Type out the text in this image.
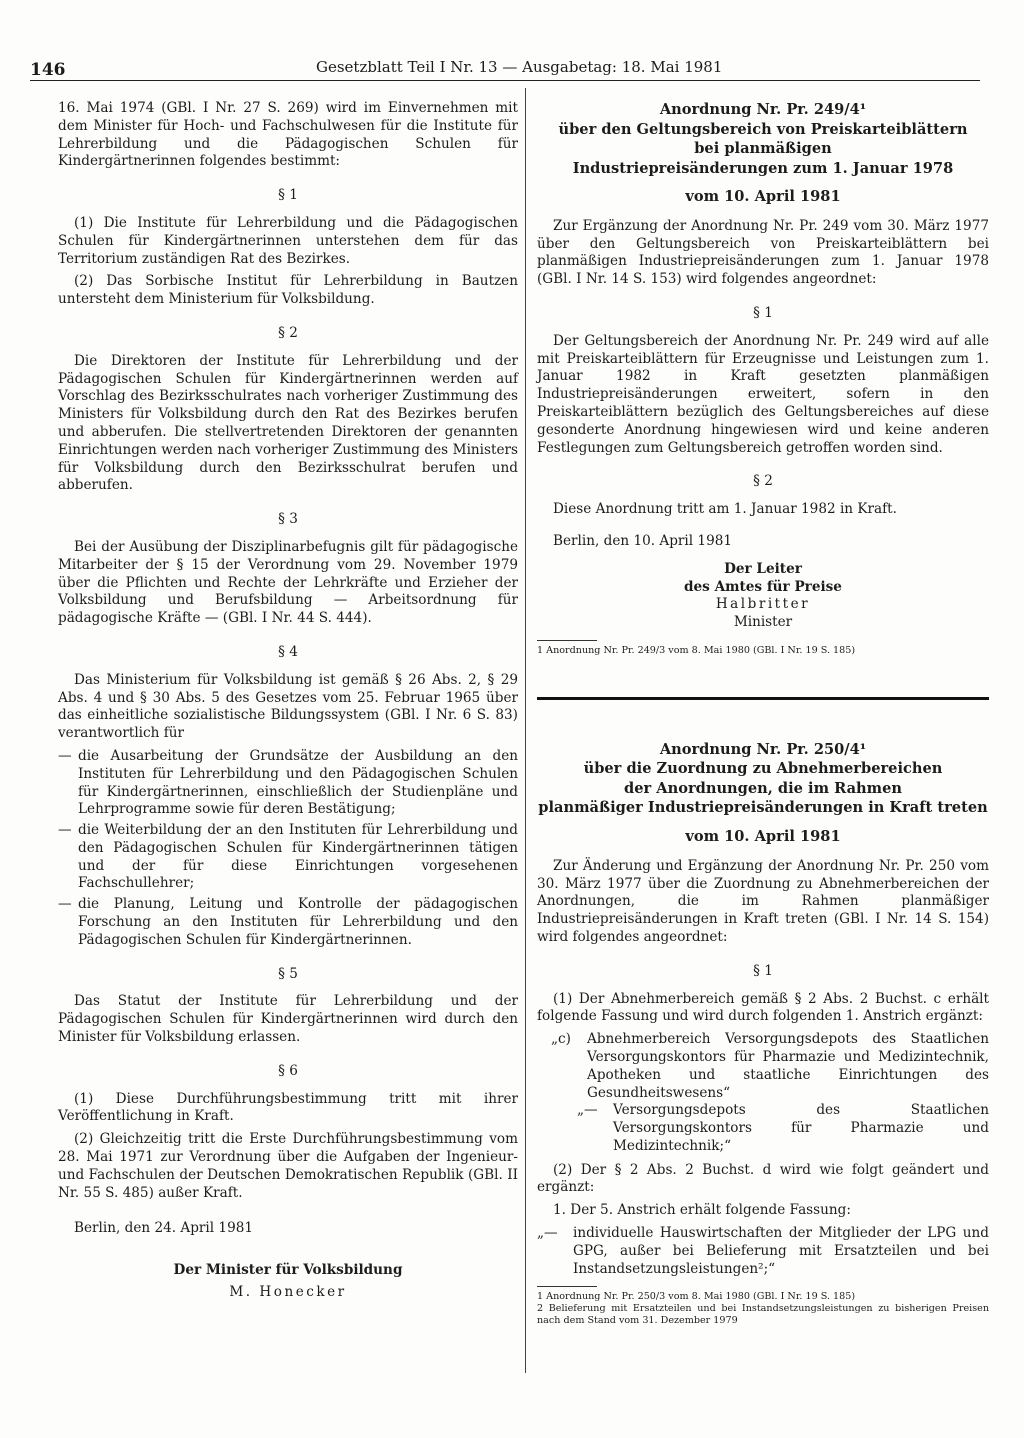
146	Gesetzblatt Teil I Nr. 13 — Ausgabetag: 18. Mai 1981

16. Mai 1974 (GBl. I Nr. 27 S. 269) wird im Einvernehmen mit dem Minister für Hoch- und Fachschulwesen für die Institute für Lehrerbildung und die Pädagogischen Schulen für Kindergärtnerinnen folgendes bestimmt:

§ 1

(1) Die Institute für Lehrerbildung und die Pädagogischen Schulen für Kindergärtnerinnen unterstehen dem für das Territorium zuständigen Rat des Bezirkes.

(2) Das Sorbische Institut für Lehrerbildung in Bautzen untersteht dem Ministerium für Volksbildung.

§ 2

Die Direktoren der Institute für Lehrerbildung und der Pädagogischen Schulen für Kindergärtnerinnen werden auf Vorschlag des Bezirksschulrates nach vorheriger Zustimmung des Ministers für Volksbildung durch den Rat des Bezirkes berufen und abberufen. Die stellvertretenden Direktoren der genannten Einrichtungen werden nach vorheriger Zustimmung des Ministers für Volksbildung durch den Bezirksschulrat berufen und abberufen.

§ 3

Bei der Ausübung der Disziplinarbefugnis gilt für pädagogische Mitarbeiter der § 15 der Verordnung vom 29. November 1979 über die Pflichten und Rechte der Lehrkräfte und Erzieher der Volksbildung und Berufsbildung — Arbeitsordnung für pädagogische Kräfte — (GBl. I Nr. 44 S. 444).

§ 4

Das Ministerium für Volksbildung ist gemäß § 26 Abs. 2, § 29 Abs. 4 und § 30 Abs. 5 des Gesetzes vom 25. Februar 1965 über das einheitliche sozialistische Bildungssystem (GBl. I Nr. 6 S. 83) verantwortlich für

— die Ausarbeitung der Grundsätze der Ausbildung an den Instituten für Lehrerbildung und den Pädagogischen Schulen für Kindergärtnerinnen, einschließlich der Studienpläne und Lehrprogramme sowie für deren Bestätigung;
— die Weiterbildung der an den Instituten für Lehrerbildung und den Pädagogischen Schulen für Kindergärtnerinnen tätigen und der für diese Einrichtungen vorgesehenen Fachschullehrer;
— die Planung, Leitung und Kontrolle der pädagogischen Forschung an den Instituten für Lehrerbildung und den Pädagogischen Schulen für Kindergärtnerinnen.
§ 5

Das Statut der Institute für Lehrerbildung und der Pädagogischen Schulen für Kindergärtnerinnen wird durch den Minister für Volksbildung erlassen.

§ 6

(1) Diese Durchführungsbestimmung tritt mit ihrer Veröffentlichung in Kraft.

(2) Gleichzeitig tritt die Erste Durchführungsbestimmung vom 28. Mai 1971 zur Verordnung über die Aufgaben der Ingenieur- und Fachschulen der Deutschen Demokratischen Republik (GBl. II Nr. 55 S. 485) außer Kraft.

Berlin, den 24. April 1981

Der Minister für Volksbildung
M. Honecker

Anordnung Nr. Pr. 249/4¹

über den Geltungsbereich von Preiskarteiblättern

bei planmäßigen

Industriepreisänderungen zum 1. Januar 1978

vom 10. April 1981

Zur Ergänzung der Anordnung Nr. Pr. 249 vom 30. März 1977 über den Geltungsbereich von Preiskarteiblättern bei planmäßigen Industriepreisänderungen zum 1. Januar 1978 (GBl. I Nr. 14 S. 153) wird folgendes angeordnet:

§ 1

Der Geltungsbereich der Anordnung Nr. Pr. 249 wird auf alle mit Preiskarteiblättern für Erzeugnisse und Leistungen zum 1. Januar 1982 in Kraft gesetzten planmäßigen Industriepreisänderungen erweitert, sofern in den Preiskarteiblättern bezüglich des Geltungsbereiches auf diese gesonderte Anordnung hingewiesen wird und keine anderen Festlegungen zum Geltungsbereich getroffen worden sind.

§ 2

Diese Anordnung tritt am 1. Januar 1982 in Kraft.

Berlin, den 10. April 1981

Der Leiter
des Amtes für Preise
Halbritter
Minister

1 Anordnung Nr. Pr. 249/3 vom 8. Mai 1980 (GBl. I Nr. 19 S. 185)

Anordnung Nr. Pr. 250/4¹

über die Zuordnung zu Abnehmerbereichen

der Anordnungen, die im Rahmen

planmäßiger Industriepreisänderungen in Kraft treten

vom 10. April 1981

Zur Änderung und Ergänzung der Anordnung Nr. Pr. 250 vom 30. März 1977 über die Zuordnung zu Abnehmerbereichen der Anordnungen, die im Rahmen planmäßiger Industriepreisänderungen in Kraft treten (GBl. I Nr. 14 S. 154) wird folgendes angeordnet:

§ 1

(1) Der Abnehmerbereich gemäß § 2 Abs. 2 Buchst. c erhält folgende Fassung und wird durch folgenden 1. Anstrich ergänzt:

„c)	Abnehmerbereich Versorgungsdepots des Staatlichen Versorgungskontors für Pharmazie und Medizintechnik, Apotheken und staatliche Einrichtungen des Gesundheitswesens“
„—	Versorgungsdepots des Staatlichen Versorgungskontors für Pharmazie und Medizintechnik;“

(2) Der § 2 Abs. 2 Buchst. d wird wie folgt geändert und ergänzt:

1. Der 5. Anstrich erhält folgende Fassung:

„—	individuelle Hauswirtschaften der Mitglieder der LPG und GPG, außer bei Belieferung mit Ersatzteilen und bei Instandsetzungsleistungen²;“

1 Anordnung Nr. Pr. 250/3 vom 8. Mai 1980 (GBl. I Nr. 19 S. 185)

2 Belieferung mit Ersatzteilen und bei Instandsetzungsleistungen zu bisherigen Preisen nach dem Stand vom 31. Dezember 1979
